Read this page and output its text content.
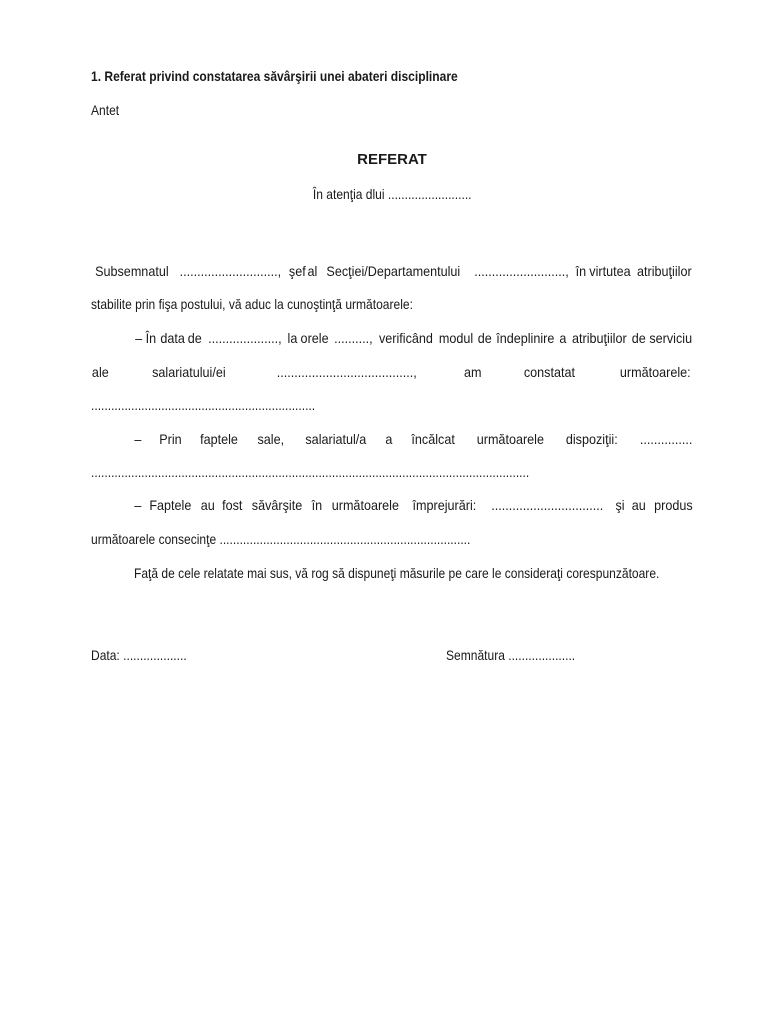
1. Referat privind constatarea săvârşirii unei abateri disciplinare
Antet
REFERAT
În atenţia dlui .........................
Subsemnatul ............................, şef al Secţiei/Departamentului .........................., în virtutea atribuţiilor
stabilite prin fişa postului, vă aduc la cunoştinţă următoarele:
– În data de ...................., la orele .........., verificând modul de îndeplinire a atribuţiilor de serviciu
ale	salariatului/ei	.......................................,	am	constatat	următoarele:
...................................................................
– Prin faptele sale, salariatul/a a încălcat următoarele dispoziţii: ...............
...................................................................................................................................
– Faptele au fost săvârşite în următoarele împrejurări: ................................ şi au produs
următoarele consecinţe ...........................................................................
Faţă de cele relatate mai sus, vă rog să dispuneţi măsurile pe care le consideraţi corespunzătoare.
Data: ...................	Semnătura ....................
